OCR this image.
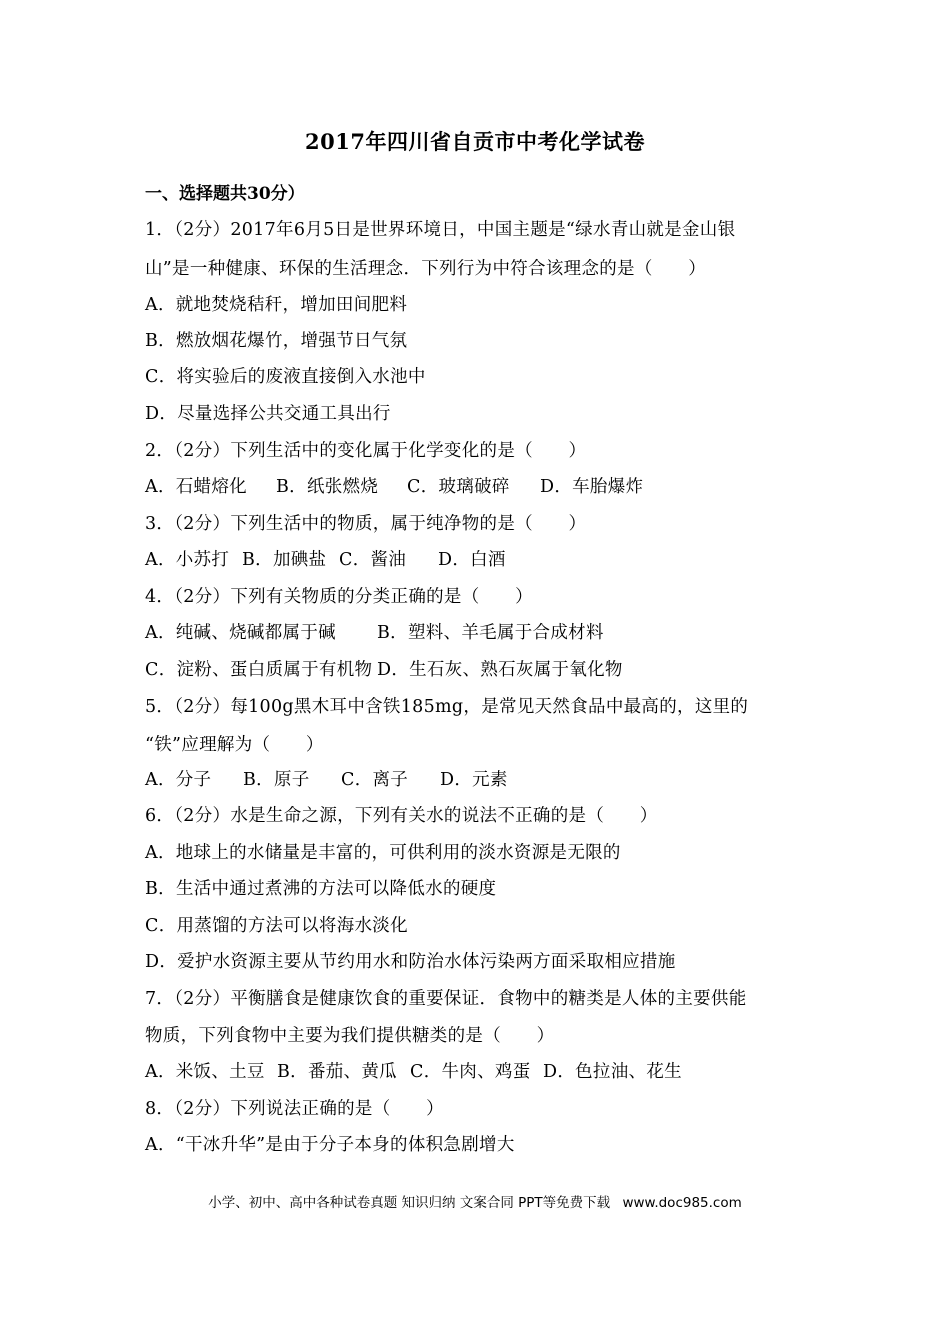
2017年四川省自贡市中考化学试卷
一、选择题共30分）
1．（2分）2017年6月5日是世界环境日，中国主题是“绿水青山就是金山银
山”是一种健康、环保的生活理念．下列行为中符合该理念的是（　　）
A．就地焚烧秸秆，增加田间肥料
B．燃放烟花爆竹，增强节日气氛
C．将实验后的废液直接倒入水池中
D．尽量选择公共交通工具出行
2．（2分）下列生活中的变化属于化学变化的是（　　）
A．石蜡熔化	B．纸张燃烧	C．玻璃破碎	D．车胎爆炸
3．（2分）下列生活中的物质，属于纯净物的是（　　）
A．小苏打 B．加碘盐 C．酱油	D．白酒
4．（2分）下列有关物质的分类正确的是（　　）
A．纯碱、烧碱都属于碱	B．塑料、羊毛属于合成材料
C．淀粉、蛋白质属于有机物 D．生石灰、熟石灰属于氧化物
5．（2分）每100g黑木耳中含铁185mg，是常见天然食品中最高的，这里的
“铁”应理解为（　　）
A．分子	B．原子	C．离子	D．元素
6．（2分）水是生命之源，下列有关水的说法不正确的是（　　）
A．地球上的水储量是丰富的，可供利用的淡水资源是无限的
B．生活中通过煮沸的方法可以降低水的硬度
C．用蒸馏的方法可以将海水淡化
D．爱护水资源主要从节约用水和防治水体污染两方面采取相应措施
7．（2分）平衡膳食是健康饮食的重要保证．食物中的糖类是人体的主要供能
物质，下列食物中主要为我们提供糖类的是（　　）
A．米饭、土豆 B．番茄、黄瓜 C．牛肉、鸡蛋 D．色拉油、花生
8．（2分）下列说法正确的是（　　）
A．“干冰升华”是由于分子本身的体积急剧增大
小学、初中、高中各种试卷真题 知识归纳 文案合同 PPT等免费下载 www.doc985.com
